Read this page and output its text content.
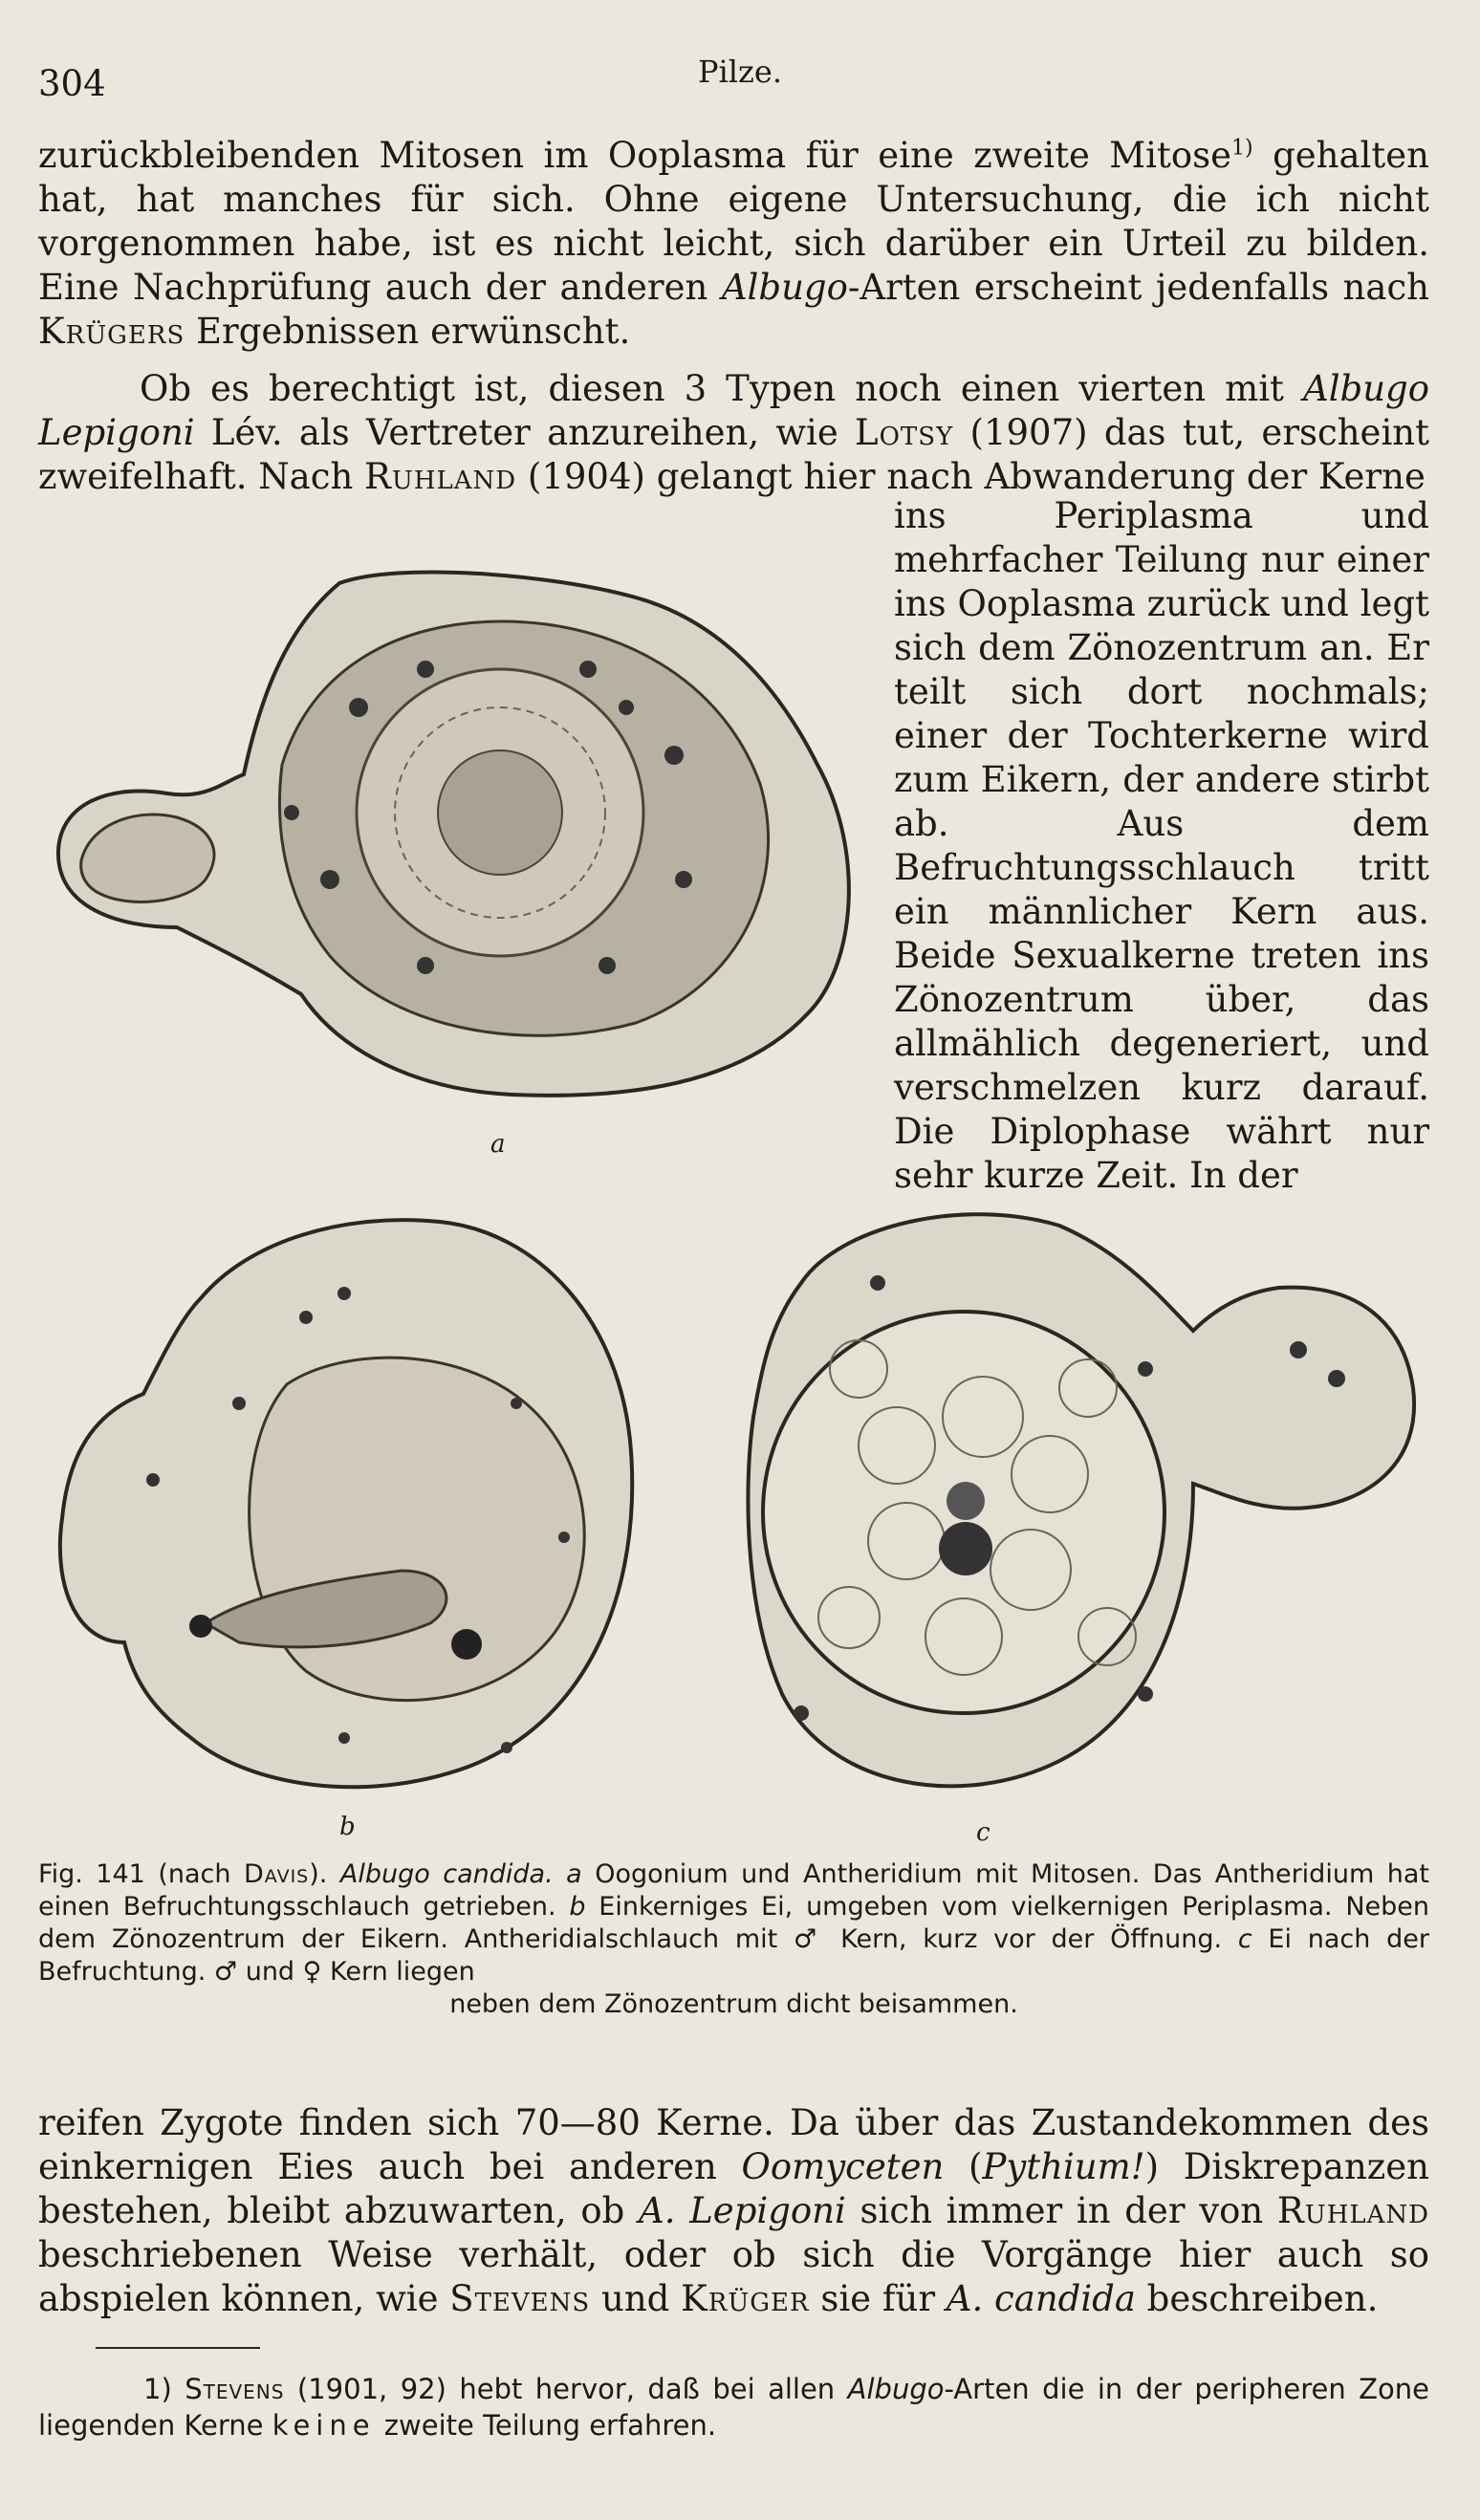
304	Pilze.

zurückbleibenden Mitosen im Ooplasma für eine zweite Mitose$^{1)}$ gehalten hat, hat manches für sich. Ohne eigene Untersuchung, die ich nicht vorgenommen habe, ist es nicht leicht, sich darüber ein Urteil zu bilden. Eine Nachprüfung auch der anderen Albugo-Arten erscheint jedenfalls nach Krügers Ergebnissen erwünscht.

Ob es berechtigt ist, diesen 3 Typen noch einen vierten mit Albugo Lepigoni Lév. als Vertreter anzureihen, wie Lotsy (1907) das tut, erscheint zweifelhaft. Nach Ruhland (1904) gelangt hier nach Abwanderung der Kerne

ins Periplasma und mehrfacher Teilung nur einer ins Ooplasma zurück und legt sich dem Zönozentrum an. Er teilt sich dort nochmals; einer der Tochterkerne wird zum Eikern, der andere stirbt ab. Aus dem Befruchtungsschlauch tritt ein männlicher Kern aus. Beide Sexualkerne treten ins Zönozentrum über, das allmählich degeneriert, und verschmelzen kurz darauf. Die Diplophase währt nur sehr kurze Zeit. In der

a
b	c

Fig. 141 (nach Davis). Albugo candida. a Oogonium und Antheridium mit Mitosen. Das Antheridium hat einen Befruchtungsschlauch getrieben. b Einkerniges Ei, umgeben vom vielkernigen Periplasma. Neben dem Zönozentrum der Eikern. Antheridialschlauch mit ♂ Kern, kurz vor der Öffnung. c Ei nach der Befruchtung. ♂ und ♀ Kern liegen
neben dem Zönozentrum dicht beisammen.

reifen Zygote finden sich 70—80 Kerne. Da über das Zustandekommen des einkernigen Eies auch bei anderen Oomyceten (Pythium!) Diskrepanzen bestehen, bleibt abzuwarten, ob A. Lepigoni sich immer in der von Ruhland beschriebenen Weise verhält, oder ob sich die Vorgänge hier auch so abspielen können, wie Stevens und Krüger sie für A. candida beschreiben.

1) Stevens (1901, 92) hebt hervor, daß bei allen Albugo-Arten die in der peripheren Zone liegenden Kerne keine zweite Teilung erfahren.
